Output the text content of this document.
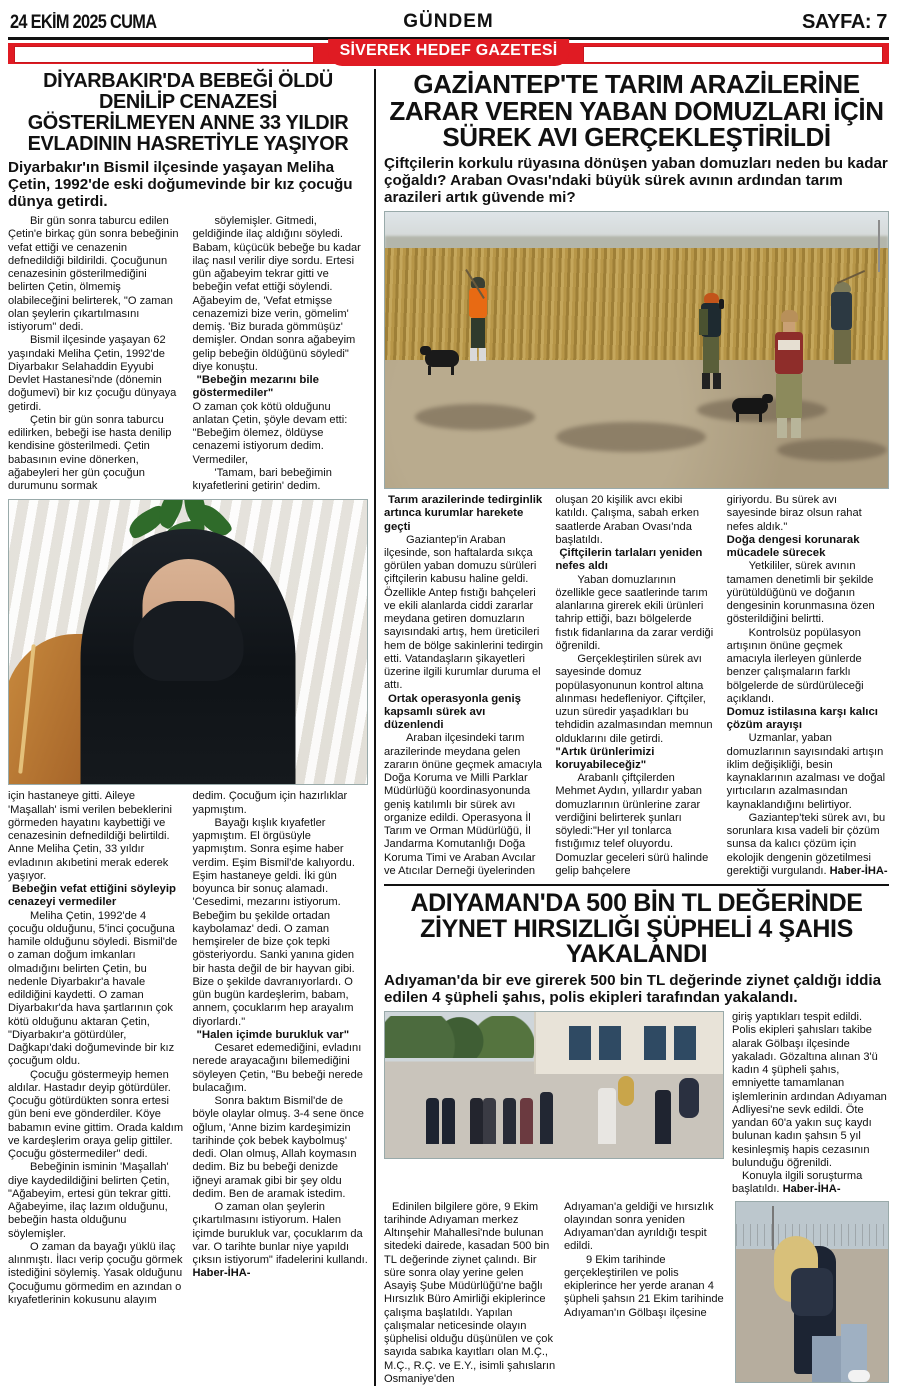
24 EKİM 2025 CUMA	GÜNDEM	SAYFA: 7
SİVEREK HEDEF GAZETESİ
DİYARBAKIR'DA BEBEĞİ ÖLDÜ DENİLİP CENAZESİ GÖSTERİLMEYEN ANNE 33 YILDIR EVLADININ HASRETİYLE YAŞIYOR

Diyarbakır'ın Bismil ilçesinde yaşayan Meliha Çetin, 1992'de eski doğumevinde bir kız çocuğu dünya getirdi.

Bir gün sonra taburcu edilen Çetin'e birkaç gün sonra bebeğinin vefat ettiği ve cenazenin defnedildiği bildirildi. Çocuğunun cenazesinin gösterilmediğini belirten Çetin, ölmemiş olabileceğini belirterek, "O zaman olan şeylerin çıkartılmasını istiyorum" dedi.

Bismil ilçesinde yaşayan 62 yaşındaki Meliha Çetin, 1992'de Diyarbakır Selahaddin Eyyubi Devlet Hastanesi'nde (dönemin doğumevi) bir kız çocuğu dünyaya getirdi.

Çetin bir gün sonra taburcu edilirken, bebeği ise hasta denilip kendisine gösterilmedi. Çetin babasının evine dönerken, ağabeyleri her gün çocuğun durumunu sormak

söylemişler. Gitmedi, geldiğinde ilaç aldığını söyledi. Babam, küçücük bebeğe bu kadar ilaç nasıl verilir diye sordu. Ertesi gün ağabeyim tekrar gitti ve bebeğin vefat ettiği söylendi. Ağabeyim de, 'Vefat etmişse cenazemizi bize verin, gömelim' demiş. 'Biz burada gömmüşüz' demişler. Ondan sonra ağabeyim gelip bebeğin öldüğünü söyledi" diye konuştu.

"Bebeğin mezarını bile göstermediler"

O zaman çok kötü olduğunu anlatan Çetin, şöyle devam etti: "Bebeğim ölemez, öldüyse cenazemi istiyorum dedim. Vermediler,

'Tamam, bari bebeğimin kıyafetlerini getirin' dedim.

için hastaneye gitti. Aileye 'Maşallah' ismi verilen bebeklerini görmeden hayatını kaybettiği ve cenazesinin defnedildiği belirtildi. Anne Meliha Çetin, 33 yıldır evladının akıbetini merak ederek yaşıyor.

Bebeğin vefat ettiğini söyleyip cenazeyi vermediler

Meliha Çetin, 1992'de 4 çocuğu olduğunu, 5'inci çocuğuna hamile olduğunu söyledi. Bismil'de o zaman doğum imkanları olmadığını belirten Çetin, bu nedenle Diyarbakır'a havale edildiğini kaydetti. O zaman Diyarbakır'da hava şartlarının çok kötü olduğunu aktaran Çetin, "Diyarbakır'a götürdüler, Dağkapı'daki doğumevinde bir kız çocuğum oldu.

Çocuğu göstermeyip hemen aldılar. Hastadır deyip götürdüler. Çocuğu götürdükten sonra ertesi gün beni eve gönderdiler. Köye babamın evine gittim. Orada kaldım ve kardeşlerim oraya gelip gittiler. Çocuğu göstermediler" dedi.

Bebeğinin isminin 'Maşallah' diye kaydedildiğini belirten Çetin, "Ağabeyim, ertesi gün tekrar gitti. Ağabeyime, ilaç lazım olduğunu, bebeğin hasta olduğunu söylemişler.

O zaman da bayağı yüklü ilaç alınmıştı. İlacı verip çocuğu görmek istediğini söylemiş. Yasak olduğunu

Çocuğumu görmedim en azından o kıyafetlerinin kokusunu alayım dedim. Çocuğum için hazırlıklar yapmıştım.

Bayağı kışlık kıyafetler yapmıştım. El örgüsüyle yapmıştım. Sonra eşime haber verdim. Eşim Bismil'de kalıyordu. Eşim hastaneye geldi. İki gün boyunca bir sonuç alamadı. 'Cesedimi, mezarını istiyorum. Bebeğim bu şekilde ortadan kaybolamaz' dedi. O zaman hemşireler de bize çok tepki gösteriyordu. Sanki yanına giden bir hasta değil de bir hayvan gibi. Bize o şekilde davranıyorlardı. O gün bugün kardeşlerim, babam, annem, çocuklarım hep arayalım diyorlardı."

"Halen içimde burukluk var"

Cesaret edemediğini, evladını nerede arayacağını bilemediğini söyleyen Çetin, "Bu bebeği nerede bulacağım.

Sonra baktım Bismil'de de böyle olaylar olmuş. 3-4 sene önce oğlum, 'Anne bizim kardeşimizin tarihinde çok bebek kaybolmuş' dedi. Olan olmuş, Allah koymasın dedim. Biz bu bebeği denizde iğneyi aramak gibi bir şey oldu dedim. Ben de aramak istedim.

O zaman olan şeylerin çıkartılmasını istiyorum. Halen içimde burukluk var, çocuklarım da var. O tarihte bunlar niye yapıldı çıksın istiyorum" ifadelerini kullandı. Haber-İHA-

GAZİANTEP'TE TARIM ARAZİLERİNE ZARAR VEREN YABAN DOMUZLARI İÇİN SÜREK AVI GERÇEKLEŞTİRİLDİ

Çiftçilerin korkulu rüyasına dönüşen yaban domuzları neden bu kadar çoğaldı? Araban Ovası'ndaki büyük sürek avının ardından tarım arazileri artık güvende mi?

Tarım arazilerinde tedirginlik artınca kurumlar harekete geçti

Gaziantep'in Araban ilçesinde, son haftalarda sıkça görülen yaban domuzu sürüleri çiftçilerin kabusu haline geldi. Özellikle Antep fıstığı bahçeleri ve ekili alanlarda ciddi zararlar meydana getiren domuzların sayısındaki artış, hem üreticileri hem de bölge sakinlerini tedirgin etti. Vatandaşların şikayetleri üzerine ilgili kurumlar duruma el attı.

Ortak operasyonla geniş kapsamlı sürek avı düzenlendi

Araban ilçesindeki tarım arazilerinde meydana gelen zararın önüne geçmek amacıyla Doğa Koruma ve Milli Parklar Müdürlüğü koordinasyonunda geniş katılımlı bir sürek avı organize edildi. Operasyona İl Tarım ve Orman Müdürlüğü, İl Jandarma Komutanlığı Doğa Koruma Timi ve Araban Avcılar ve Atıcılar Derneği üyelerinden

oluşan 20 kişilik avcı ekibi katıldı. Çalışma, sabah erken saatlerde Araban Ovası'nda başlatıldı.

Çiftçilerin tarlaları yeniden nefes aldı

Yaban domuzlarının özellikle gece saatlerinde tarım alanlarına girerek ekili ürünleri tahrip ettiği, bazı bölgelerde fıstık fidanlarına da zarar verdiği öğrenildi.

Gerçekleştirilen sürek avı sayesinde domuz popülasyonunun kontrol altına alınması hedefleniyor. Çiftçiler, uzun süredir yaşadıkları bu tehdidin azalmasından memnun olduklarını dile getirdi.

"Artık ürünlerimizi koruyabileceğiz"

Arabanlı çiftçilerden Mehmet Aydın, yıllardır yaban domuzlarının ürünlerine zarar verdiğini belirterek şunları söyledi:"Her yıl tonlarca fıstığımız telef oluyordu. Domuzlar geceleri sürü halinde gelip bahçelere

giriyordu. Bu sürek avı sayesinde biraz olsun rahat nefes aldık."

Doğa dengesi korunarak mücadele sürecek

Yetkililer, sürek avının tamamen denetimli bir şekilde yürütüldüğünü ve doğanın dengesinin korunmasına özen gösterildiğini belirtti.

Kontrolsüz popülasyon artışının önüne geçmek amacıyla ilerleyen günlerde benzer çalışmaların farklı bölgelerde de sürdürüleceği açıklandı.

Domuz istilasına karşı kalıcı çözüm arayışı

Uzmanlar, yaban domuzlarının sayısındaki artışın iklim değişikliği, besin kaynaklarının azalması ve doğal yırtıcıların azalmasından kaynaklandığını belirtiyor.

Gaziantep'teki sürek avı, bu sorunlara kısa vadeli bir çözüm sunsa da kalıcı çözüm için ekolojik dengenin gözetilmesi gerektiği vurgulandı. Haber-İHA-

ADIYAMAN'DA 500 BİN TL DEĞERİNDE ZİYNET HIRSIZLIĞI ŞÜPHELİ 4 ŞAHIS YAKALANDI

Adıyaman'da bir eve girerek 500 bin TL değerinde ziynet çaldığı iddia edilen 4 şüpheli şahıs, polis ekipleri tarafından yakalandı.

giriş yaptıkları tespit edildi. Polis ekipleri şahısları takibe alarak Gölbaşı ilçesinde yakaladı. Gözaltına alınan 3'ü kadın 4 şüpheli şahıs, emniyette tamamlanan işlemlerinin ardından Adıyaman Adliyesi'ne sevk edildi. Öte yandan 60'a yakın suç kaydı bulunan kadın şahsın 5 yıl kesinleşmiş hapis cezasının bulunduğu öğrenildi.

Konuyla ilgili soruşturma başlatıldı. Haber-İHA-

Edinilen bilgilere göre, 9 Ekim tarihinde Adıyaman merkez Altınşehir Mahallesi'nde bulunan sitedeki dairede, kasadan 500 bin TL değerinde ziynet çalındı. Bir süre sonra olay yerine gelen Asayiş Şube Müdürlüğü'ne bağlı Hırsızlık Büro Amirliği ekiplerince çalışma başlatıldı. Yapılan çalışmalar neticesinde olayın şüphelisi olduğu düşünülen ve çok sayıda sabıka kayıtları olan M.Ç., M.Ç., R.Ç. ve E.Y., isimli şahısların Osmaniye'den

Adıyaman'a geldiği ve hırsızlık olayından sonra yeniden Adıyaman'dan ayrıldığı tespit edildi.

9 Ekim tarihinde gerçekleştirilen ve polis ekiplerince her yerde aranan 4 şüpheli şahsın 21 Ekim tarihinde Adıyaman'ın Gölbaşı ilçesine
